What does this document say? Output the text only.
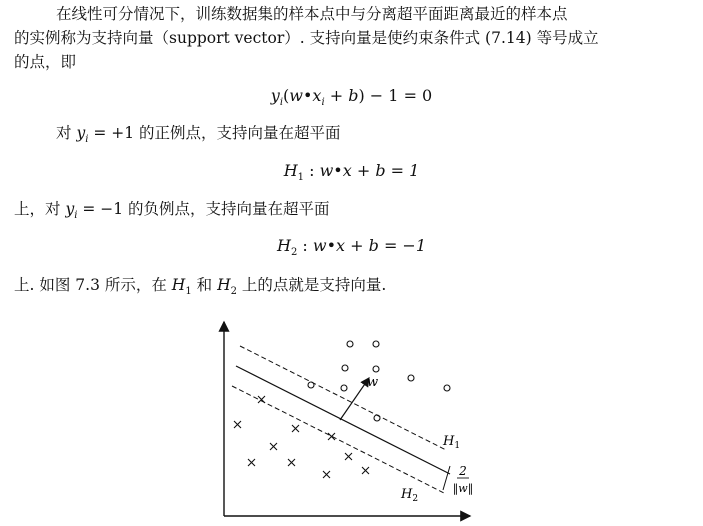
在线性可分情况下，训练数据集的样本点中与分离超平面距离最近的样本点

的实例称为支持向量（support vector）. 支持向量是使约束条件式 (7.14) 等号成立

的点，即

$y_i(w•x_i + b) - 1 = 0$

对 $y_i = +1$ 的正例点，支持向量在超平面

$H_1$ : w•x + b = 1

上，对 $y_i = -1$ 的负例点，支持向量在超平面

$H_2$ : w•x + b = −1

上. 如图 7.3 所示，在 $H_1$ 和 $H_2$ 上的点就是支持向量.

w
$H_1$
$H_2$
2
‖w‖
